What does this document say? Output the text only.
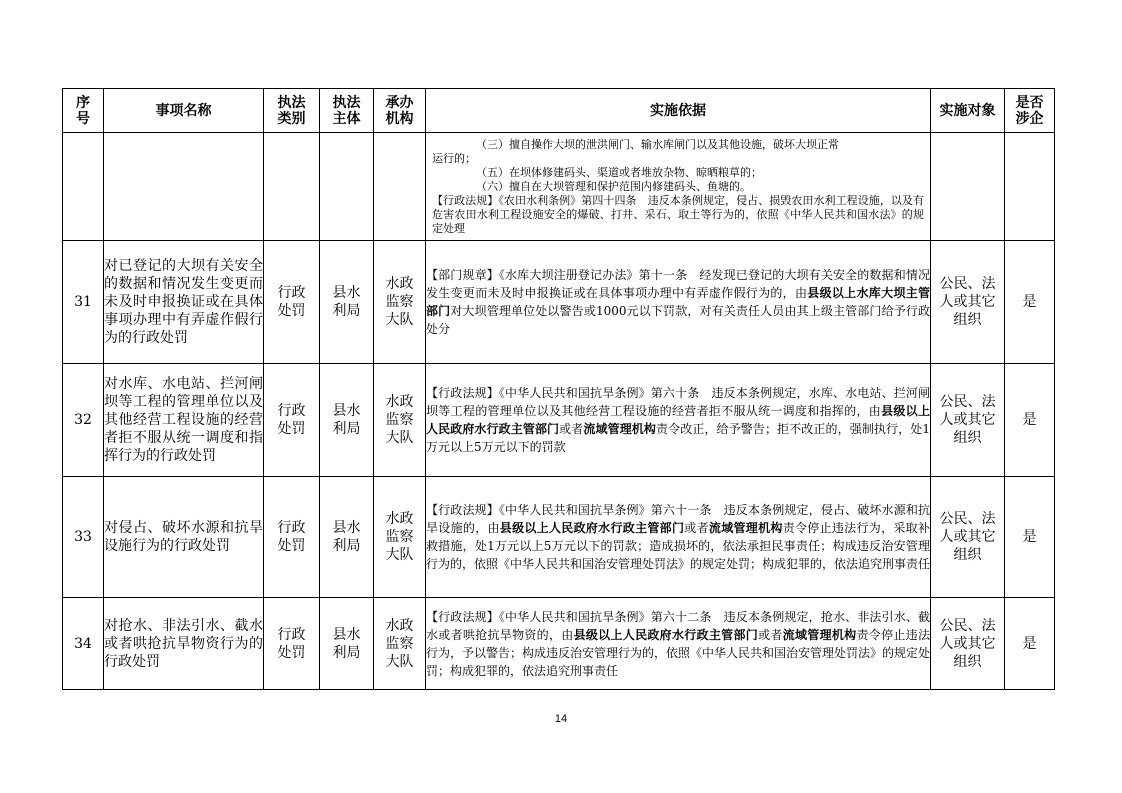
序号	事项名称	执法类别	执法主体	承办机构	实施依据	实施对象	是否涉企

					（三）擅自操作大坝的泄洪闸门、输水库闸门以及其他设施，破坏大坝正常
运行的；
（五）在坝体修建码头、渠道或者堆放杂物、晾晒粮草的；
（六）擅自在大坝管理和保护范围内修建码头、鱼塘的。
【行政法规】《农田水利条例》第四十四条　违反本条例规定，侵占、损毁农田水利工程设施，以及有危害农田水利工程设施安全的爆破、打井、采石、取土等行为的，依照《中华人民共和国水法》的规定处理		

31	对已登记的大坝有关安全的数据和情况发生变更而未及时申报换证或在具体事项办理中有弄虚作假行为的行政处罚	行政处罚	县水利局	水政监察大队	【部门规章】《水库大坝注册登记办法》第十一条　经发现已登记的大坝有关安全的数据和情况发生变更而未及时申报换证或在具体事项办理中有弄虚作假行为的，由县级以上水库大坝主管部门对大坝管理单位处以警告或1000元以下罚款，对有关责任人员由其上级主管部门给予行政处分	公民、法人或其它组织	是
32	对水库、水电站、拦河闸坝等工程的管理单位以及其他经营工程设施的经营者拒不服从统一调度和指挥行为的行政处罚	行政处罚	县水利局	水政监察大队	【行政法规】《中华人民共和国抗旱条例》第六十条　违反本条例规定，水库、水电站、拦河闸坝等工程的管理单位以及其他经营工程设施的经营者拒不服从统一调度和指挥的，由县级以上人民政府水行政主管部门或者流域管理机构责令改正，给予警告；拒不改正的，强制执行，处1万元以上5万元以下的罚款	公民、法人或其它组织	是
33	对侵占、破坏水源和抗旱设施行为的行政处罚	行政处罚	县水利局	水政监察大队	【行政法规】《中华人民共和国抗旱条例》第六十一条　违反本条例规定，侵占、破坏水源和抗旱设施的，由县级以上人民政府水行政主管部门或者流域管理机构责令停止违法行为，采取补救措施，处1万元以上5万元以下的罚款；造成损坏的，依法承担民事责任；构成违反治安管理行为的，依照《中华人民共和国治安管理处罚法》的规定处罚；构成犯罪的，依法追究刑事责任	公民、法人或其它组织	是
34	对抢水、非法引水、截水或者哄抢抗旱物资行为的行政处罚	行政处罚	县水利局	水政监察大队	【行政法规】《中华人民共和国抗旱条例》第六十二条　违反本条例规定，抢水、非法引水、截水或者哄抢抗旱物资的，由县级以上人民政府水行政主管部门或者流域管理机构责令停止违法行为，予以警告；构成违反治安管理行为的，依照《中华人民共和国治安管理处罚法》的规定处罚；构成犯罪的，依法追究刑事责任	公民、法人或其它组织	是
14
